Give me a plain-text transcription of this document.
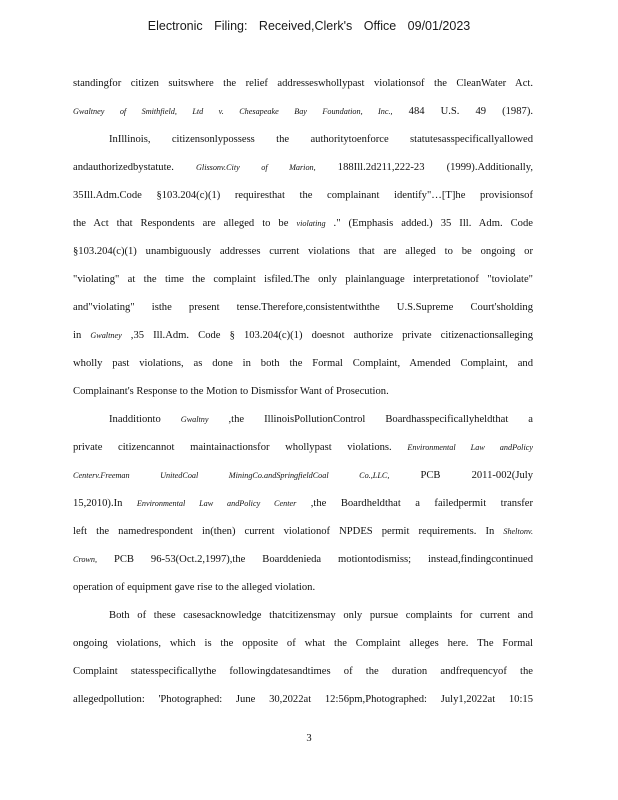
Electronic Filing: Received,Clerk's Office 09/01/2023
standingfor citizen suitswhere the relief addresseswhollypast violationsof the CleanWater Act.
Gwaltney of Smithfield, Ltd v. Chesapeake Bay Foundation, Inc., 484 U.S. 49 (1987).
InIllinois, citizensonlypossess the authoritytoenforce statutesasspecificallyallowed
andauthorizedbystatute. Glissonv.City of Marion, 188Ill.2d211,222-23 (1999).Additionally,
35Ill.Adm.Code §103.204(c)(1) requiresthat the complainant identify"…[T]he provisionsof
the Act that Respondents are alleged to be violating ." (Emphasis added.) 35 Ill. Adm. Code
§103.204(c)(1) unambiguously addresses current violations that are alleged to be ongoing or
"violating" at the time the complaint isfiled.The only plainlanguage interpretationof "toviolate"
and"violating" isthe present tense.Therefore,consistentwiththe U.S.Supreme Court'sholding
in Gwaltney ,35 Ill.Adm. Code § 103.204(c)(1) doesnot authorize private citizenactionsalleging
wholly past violations, as done in both the Formal Complaint, Amended Complaint, and
Complainant's Response to the Motion to Dismissfor Want of Prosecution.
Inadditionto Gwaltny ,the IllinoisPollutionControl Boardhasspecificallyheldthat a
private citizencannot maintainactionsfor whollypast violations. Environmental Law andPolicy
Centerv.Freeman UnitedCoal MiningCo.andSpringfieldCoal Co.,LLC, PCB 2011-002(July
15,2010).In Environmental Law andPolicy Center ,the Boardheldthat a failedpermit transfer
left the namedrespondent in(then) current violationof NPDES permit requirements. In Sheltonv.
Crown, PCB 96-53(Oct.2,1997),the Boarddenieda motiontodismiss; instead,findingcontinued
operation of equipment gave rise to the alleged violation.
Both of these casesacknowledge thatcitizensmay only pursue complaints for current and
ongoing violations, which is the opposite of what the Complaint alleges here. The Formal
Complaint statesspecificallythe followingdatesandtimes of the duration andfrequencyof the
allegedpollution: 'Photographed: June 30,2022at 12:56pm,Photographed: July1,2022at 10:15
3
